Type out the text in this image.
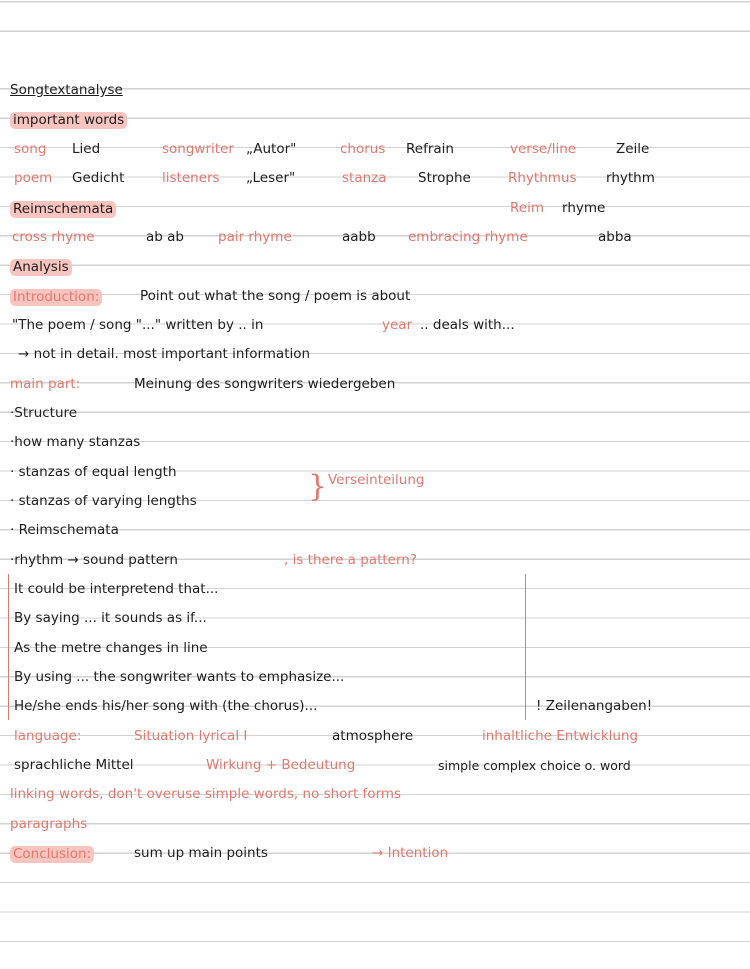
Songtextanalyse
important words
song Lied	songwriter „Autor"	chorus Refrain	verse/line	Zeile
poem Gedicht	listeners „Leser"	stanza Strophe	Rhythmus rhythm
Reimschemata	Reim rhyme
cross rhyme	ab ab	pair rhyme	aabb embracing rhyme	abba
Analysis
Introduction:	Point out what the song / poem is about
"The poem / song "..." written by .. in	year .. deals with...
→ not in detail. most important information
main part:	Meinung des songwriters wiedergeben
·Structure
·how many stanzas
· stanzas of equal length	Verseinteilung
· stanzas of varying lengths
· Reimschemata
·rhythm → sound pattern	, is there a pattern?
}
It could be interpretend that...
By saying ... it sounds as if...
As the metre changes in line
By using ... the songwriter wants to emphasize...
He/she ends his/her song with (the chorus)...	! Zeilenangaben!
language:	Situation lyrical I	atmosphere	inhaltliche Entwicklung
sprachliche Mittel	Wirkung + Bedeutung	simple complex choice o. word
linking words, don't overuse simple words, no short forms
paragraphs
Conclusion:	sum up main points	→ Intention
